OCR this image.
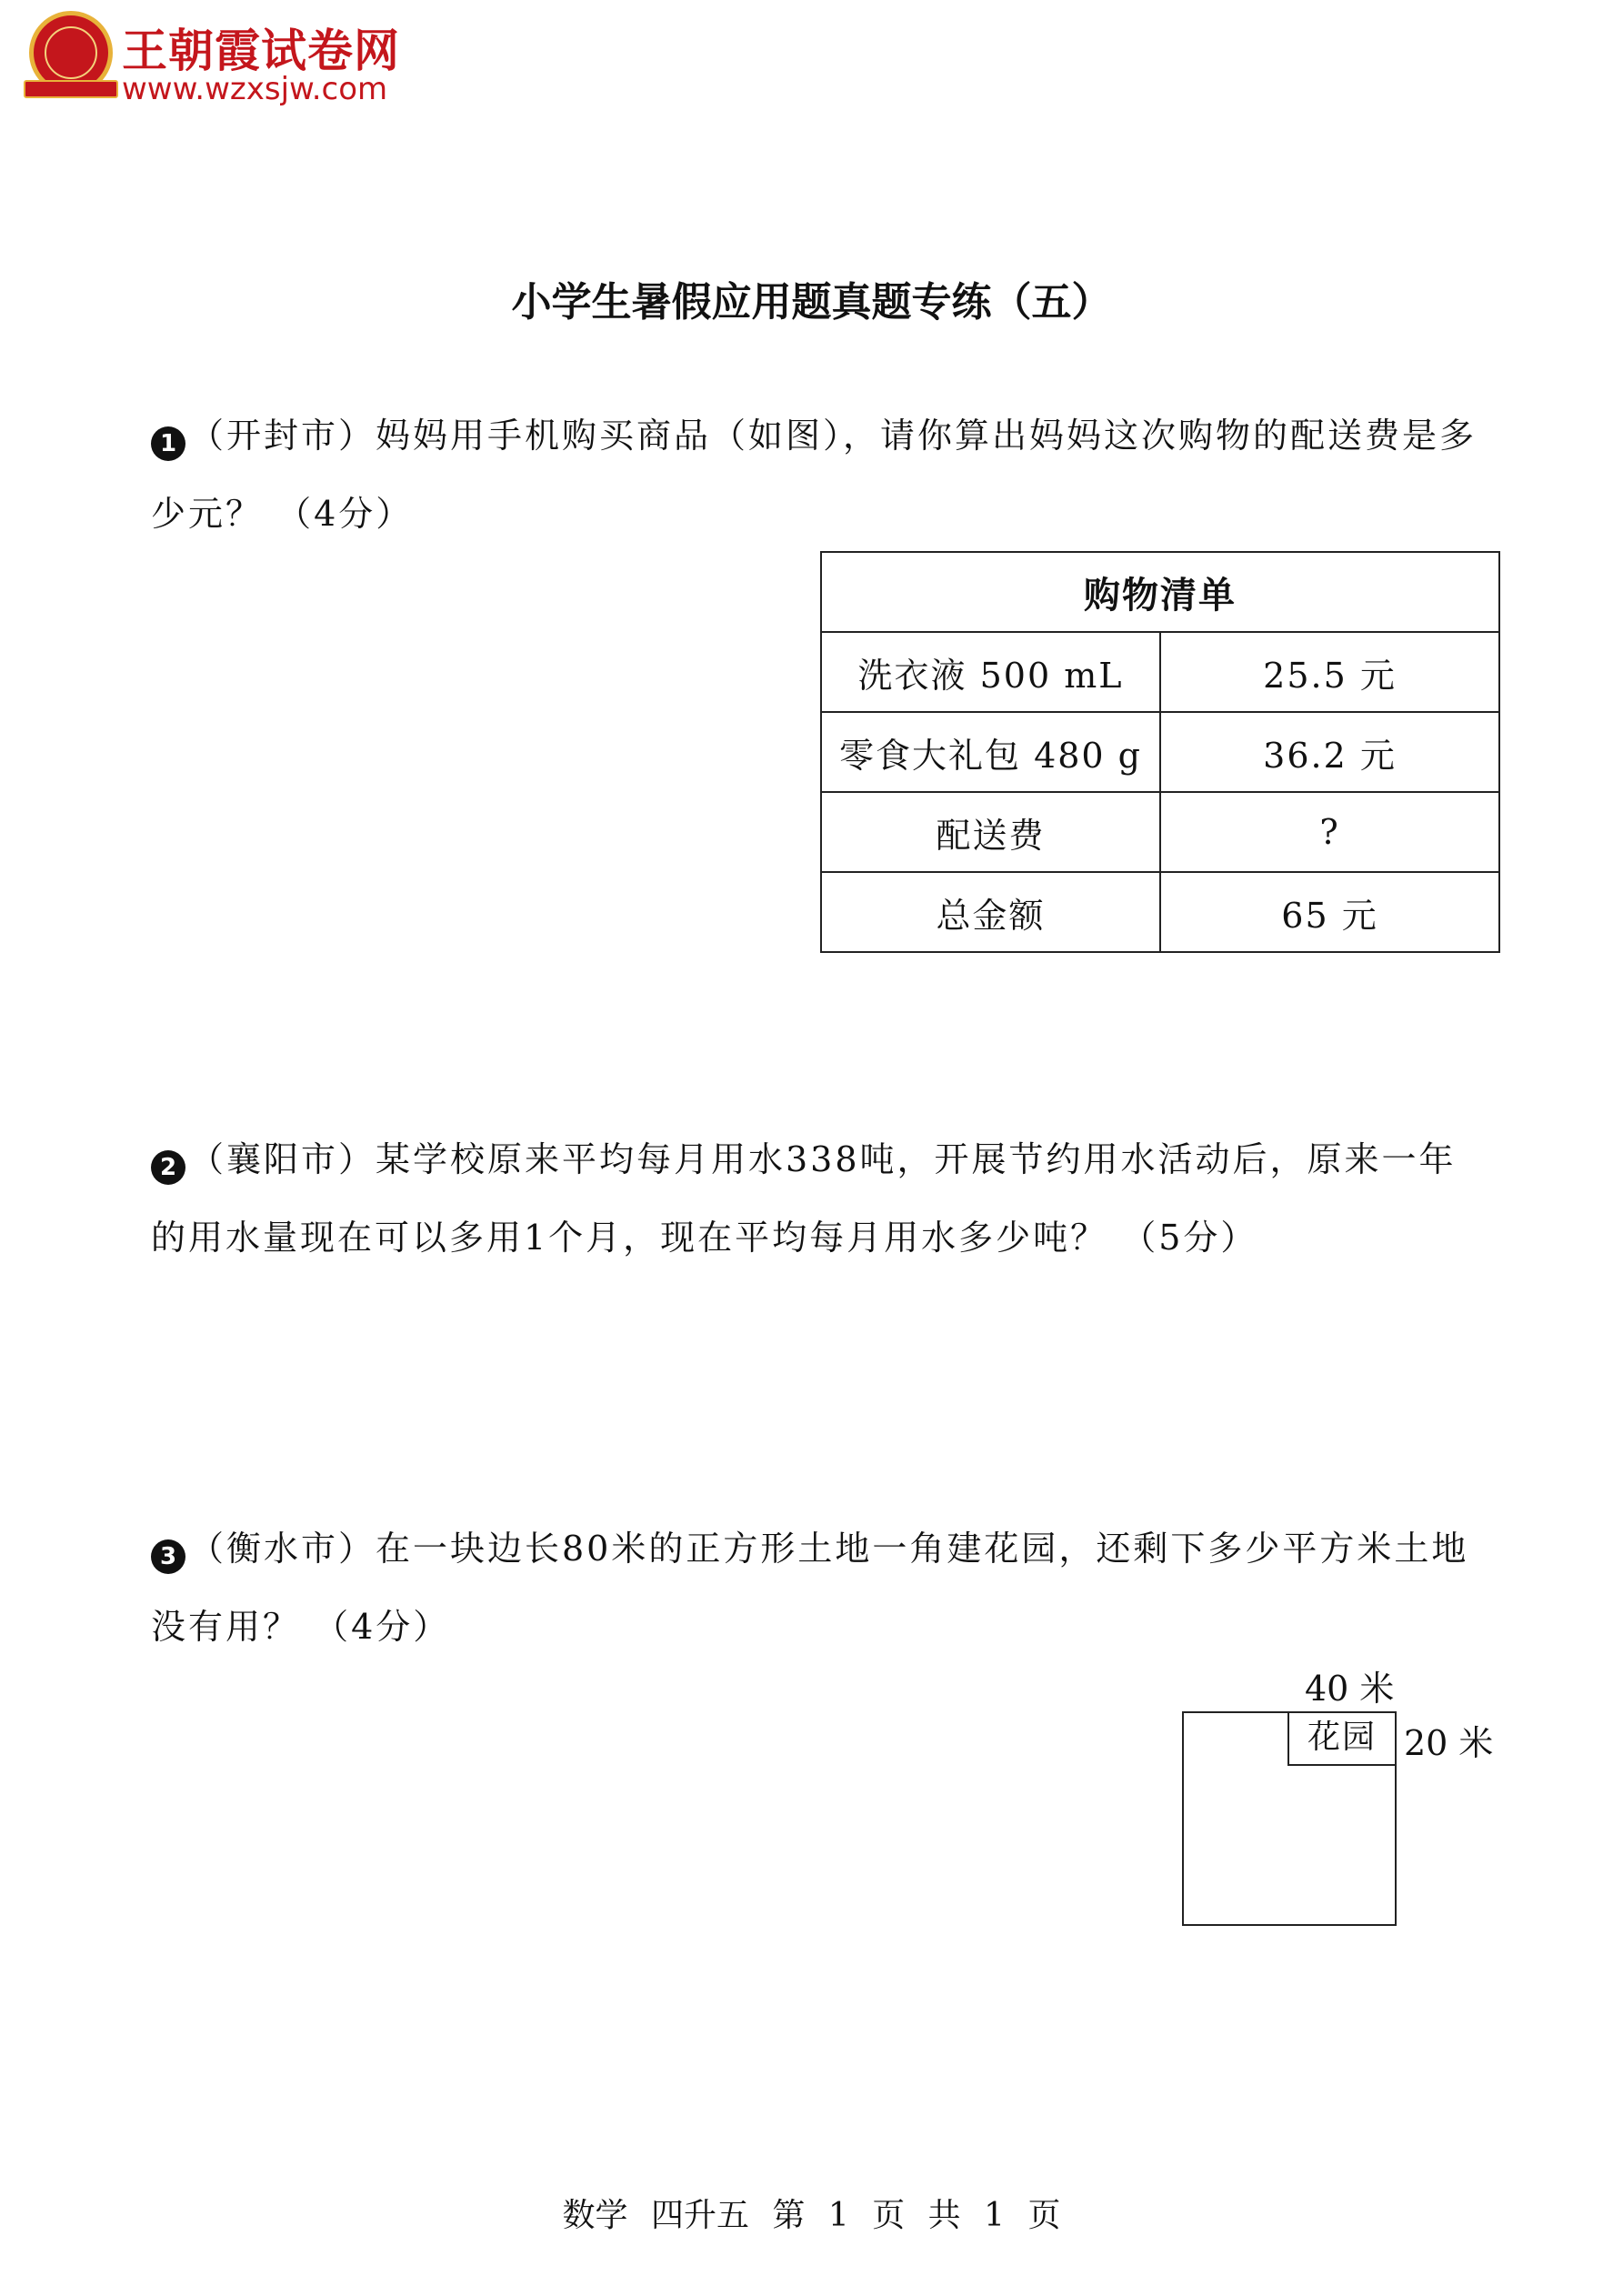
王朝霞试卷网
www.wzxsjw.com
小学生暑假应用题真题专练（五）
1 （开封市）妈妈用手机购买商品（如图），请你算出妈妈这次购物的配送费是多少元？ （4分）
购物清单	
洗衣液 500 mL	25.5 元
零食大礼包 480 g	36.2 元
配送费	?
总金额	65 元
2 （襄阳市）某学校原来平均每月用水338吨，开展节约用水活动后，原来一年的用水量现在可以多用1个月，现在平均每月用水多少吨？ （5分）
3 （衡水市）在一块边长80米的正方形土地一角建花园，还剩下多少平方米土地没有用？ （4分）
40 米
花园 20 米
数学 四升五 第 1 页 共 1 页
